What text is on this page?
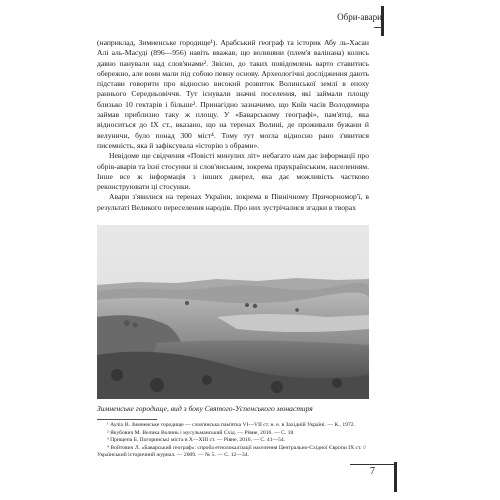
Обри-авари

(наприклад, Зимненське городище¹). Арабський географ та історик Абу ль-Хасан Алі аль-Масуді (896—956) навіть вважав, що волиняни (плем'я валінана) колись давно панували над слов'янами². Звісно, до таких повідомлень варто ставитись обережно, але вони мали під собою певну основу. Археологічні дослідження дають підстави говорити про відносно високий розвиток Волинської землі в епоху раннього Середньовіччя. Тут існували значні поселення, які займали площу близько 10 гектарів і більше³. Принагідно зазначимо, що Київ часів Володимира займав приблизно таку ж площу. У «Баварському географі», пам'ятці, яка відноситься до ІХ ст., вказано, що на теренах Волині, де проживали бужани й велуничи, було понад 300 міст⁴. Тому тут могла відносно рано з'явитися писемність, яка й зафіксувала «історію з обрами».

Невідоме ще свідчення «Повісті минулих літ» небагато нам дає інформації про обрів-аварів та їхні стосунки зі слов'янським, зокрема праукраїнським, населенням. Інше все ж інформація з інших джерел, яка дає можливість частково реконструювати ці стосунки.

Авари з'явилися на теренах України, зокрема в Північному Причорномор'ї, в результаті Великого переселення народів. Про них зустрічалися згадки в творах

Зимненське городище, вид з боку Святого-Успенського монастиря

¹ Ауліх В. Зимненське городище — слов'янська пам'ятка VI—VII ст. н. е. в Західній Україні. — К., 1972.

² Якубович М. Велика Волинь і мусульманський Схід. — Рівне, 2016. — С. 18.

³ Прищепа Б. Погоринські міста в X—XIII ст. — Рівне, 2016. — С. 41—54.

⁴ Войтович Л. «Баварський географ»: спроба етнолокалізації населення Центрально-Східної Європи IX ст. // Український історичний журнал. — 2009. — № 5. — С. 12—34.

7
